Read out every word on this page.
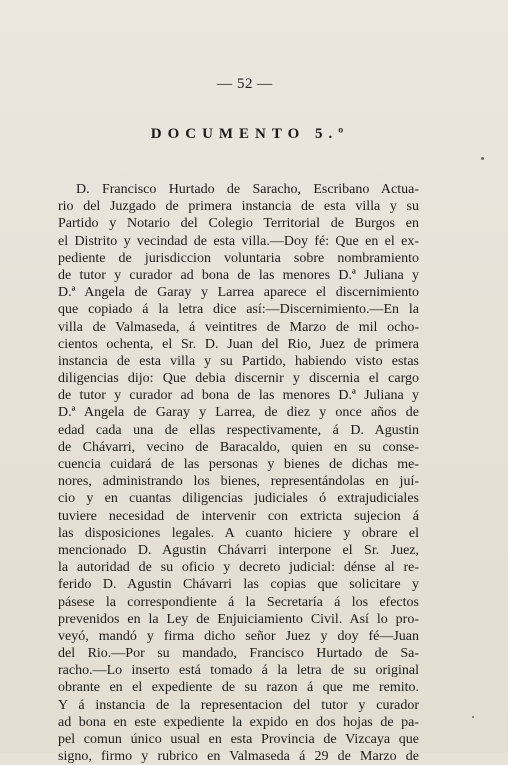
— 52 —
DOCUMENTO 5.º
D. Francisco Hurtado de Saracho, Escribano Actua-
rio del Juzgado de primera instancia de esta villa y su
Partido y Notario del Colegio Territorial de Burgos en
el Distrito y vecindad de esta villa.—Doy fé: Que en el ex-
pediente de jurisdiccion voluntaria sobre nombramiento
de tutor y curador ad bona de las menores D.ª Juliana y
D.ª Angela de Garay y Larrea aparece el discernimiento
que copiado á la letra dice así:—Discernimiento.—En la
villa de Valmaseda, á veintitres de Marzo de mil ocho-
cientos ochenta, el Sr. D. Juan del Rio, Juez de primera
instancia de esta villa y su Partido, habiendo visto estas
diligencias dijo: Que debia discernir y discernia el cargo
de tutor y curador ad bona de las menores D.ª Juliana y
D.ª Angela de Garay y Larrea, de diez y once años de
edad cada una de ellas respectivamente, á D. Agustin
de Chávarri, vecino de Baracaldo, quien en su conse-
cuencia cuidará de las personas y bienes de dichas me-
nores, administrando los bienes, representándolas en juí-
cio y en cuantas diligencias judiciales ó extrajudiciales
tuviere necesidad de intervenir con extricta sujecion á
las disposiciones legales. A cuanto hiciere y obrare el
mencionado D. Agustin Chávarri interpone el Sr. Juez,
la autoridad de su oficio y decreto judicial: dénse al re-
ferido D. Agustin Chávarri las copias que solicitare y
pásese la correspondiente á la Secretaría á los efectos
prevenidos en la Ley de Enjuiciamiento Civil. Así lo pro-
veyó, mandó y firma dicho señor Juez y doy fé—Juan
del Rio.—Por su mandado, Francisco Hurtado de Sa-
racho.—Lo inserto está tomado á la letra de su original
obrante en el expediente de su razon á que me remito.
Y á instancia de la representacion del tutor y curador
ad bona en este expediente la expido en dos hojas de pa-
pel comun único usual en esta Provincia de Vizcaya que
signo, firmo y rubrico en Valmaseda á 29 de Marzo de
